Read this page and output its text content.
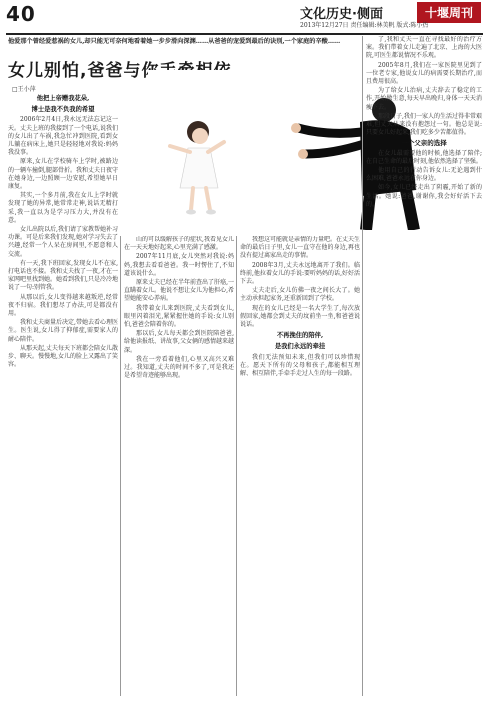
40	文化历史·侧面	十堰周刊
2013年12月27日 责任编辑:林美帆 版式:陈小热
他爱那个曾经爱惹祸的女儿,却只能无可奈何地看着她一步步滑向深渊……从爸爸的宠爱到最后的诀别,一个家庭的辛酸……
女儿别怕,爸爸与你手牵相依
□王小萍
他把上帝赠我花朵,
博士是我不负我的希望

2006年2月4日,我永远无法忘记这一天。丈夫上班的我接到了一个电话,说我们的女儿出了车祸,我急忙冲到医院,看到女儿躺在病床上,她只是轻轻地对我说:妈妈我没事。

原来,女儿在学校骑车上学时,被路边的一辆车撞倒,腿部骨折。我和丈夫日夜守在她身边,一边照顾一边安慰,希望她早日康复。

其实,一个多月前,我在女儿上学时就发现了她的异常,她常常走神,说话无精打采,我一直以为是学习压力大,并没有在意。

女儿出院以后,我们请了家教帮她补习功课。可是后来我们发现,她对学习失去了兴趣,经常一个人呆在房间里,不愿意和人交流。

有一天,我下班回家,发现女儿不在家,打电话也不接。我和丈夫找了一夜,才在一家网吧里找到她。她看到我们,只是冷冷地说了一句:别管我。

从那以后,女儿变得越来越叛逆,经常夜不归宿。我们想尽了办法,可是都没有用。

我和丈夫商量后决定,带她去看心理医生。医生说,女儿得了抑郁症,需要家人的耐心陪伴。

从那天起,丈夫每天下班都会陪女儿散步、聊天。慢慢地,女儿的脸上又露出了笑容。

山的可以缓解孩子的症状,我看见女儿在一天天地好起来,心里充满了感激。

2007年11月底,女儿突然对我说:妈妈,我想去看看爸爸。我一时愣住了,不知道该说什么。

原来丈夫已经在半年前查出了肝癌,一直瞒着女儿。他说不想让女儿为他担心,希望她能安心养病。

我带着女儿来到医院,丈夫看到女儿,眼里闪着泪光,紧紧握住她的手说:女儿别怕,爸爸会陪着你的。

那以后,女儿每天都会到医院陪爸爸,给他读报纸、讲故事,父女俩的感情越来越深。

我在一旁看着他们,心里又高兴又难过。我知道,丈夫的时间不多了,可是我还是希望奇迹能够出现。

我想这可能就是亲情的力量吧。在丈夫生命的最后日子里,女儿一直守在他的身边,再也没有提过离家出走的事情。

2008年3月,丈夫永远地离开了我们。临终前,他拉着女儿的手说:要听妈妈的话,好好活下去。

丈夫走后,女儿仿佛一夜之间长大了。她主动承担起家务,还重新回到了学校。

现在的女儿已经是一名大学生了,每次放假回家,她都会到丈夫的坟前坐一坐,和爸爸说说话。

不再挽住的陪伴,
是我们永远的牵挂

我们无法预知未来,但我们可以珍惜现在。愿天下所有的父母和孩子,都能相互理解、相互陪伴,手牵手走过人生的每一段路。

了,我和丈夫一直在寻找最好的治疗方案。我们带着女儿走遍了北京、上海的大医院,可医生都说情况不乐观。

2005年8月,我们在一家医院里见到了一位老专家,他说女儿的病需要长期治疗,而且费用很高。

为了给女儿治病,丈夫辞去了稳定的工作,开始做生意,每天早出晚归,身体一天天消瘦下去。

那段日子,我们一家人的生活过得非常艰难,但丈夫从来没有抱怨过一句。他总是说:只要女儿好起来,我们吃多少苦都值得。

一个父亲的选择

在女儿最需要他的时候,他选择了陪伴;在自己生命的最后时刻,他依然选择了坚强。

他用自己的行动告诉女儿:无论遇到什么困难,爸爸永远在你身边。

如今,女儿已经走出了阴霾,开始了新的生活。她说:爸爸,谢谢你,我会好好活下去的。
